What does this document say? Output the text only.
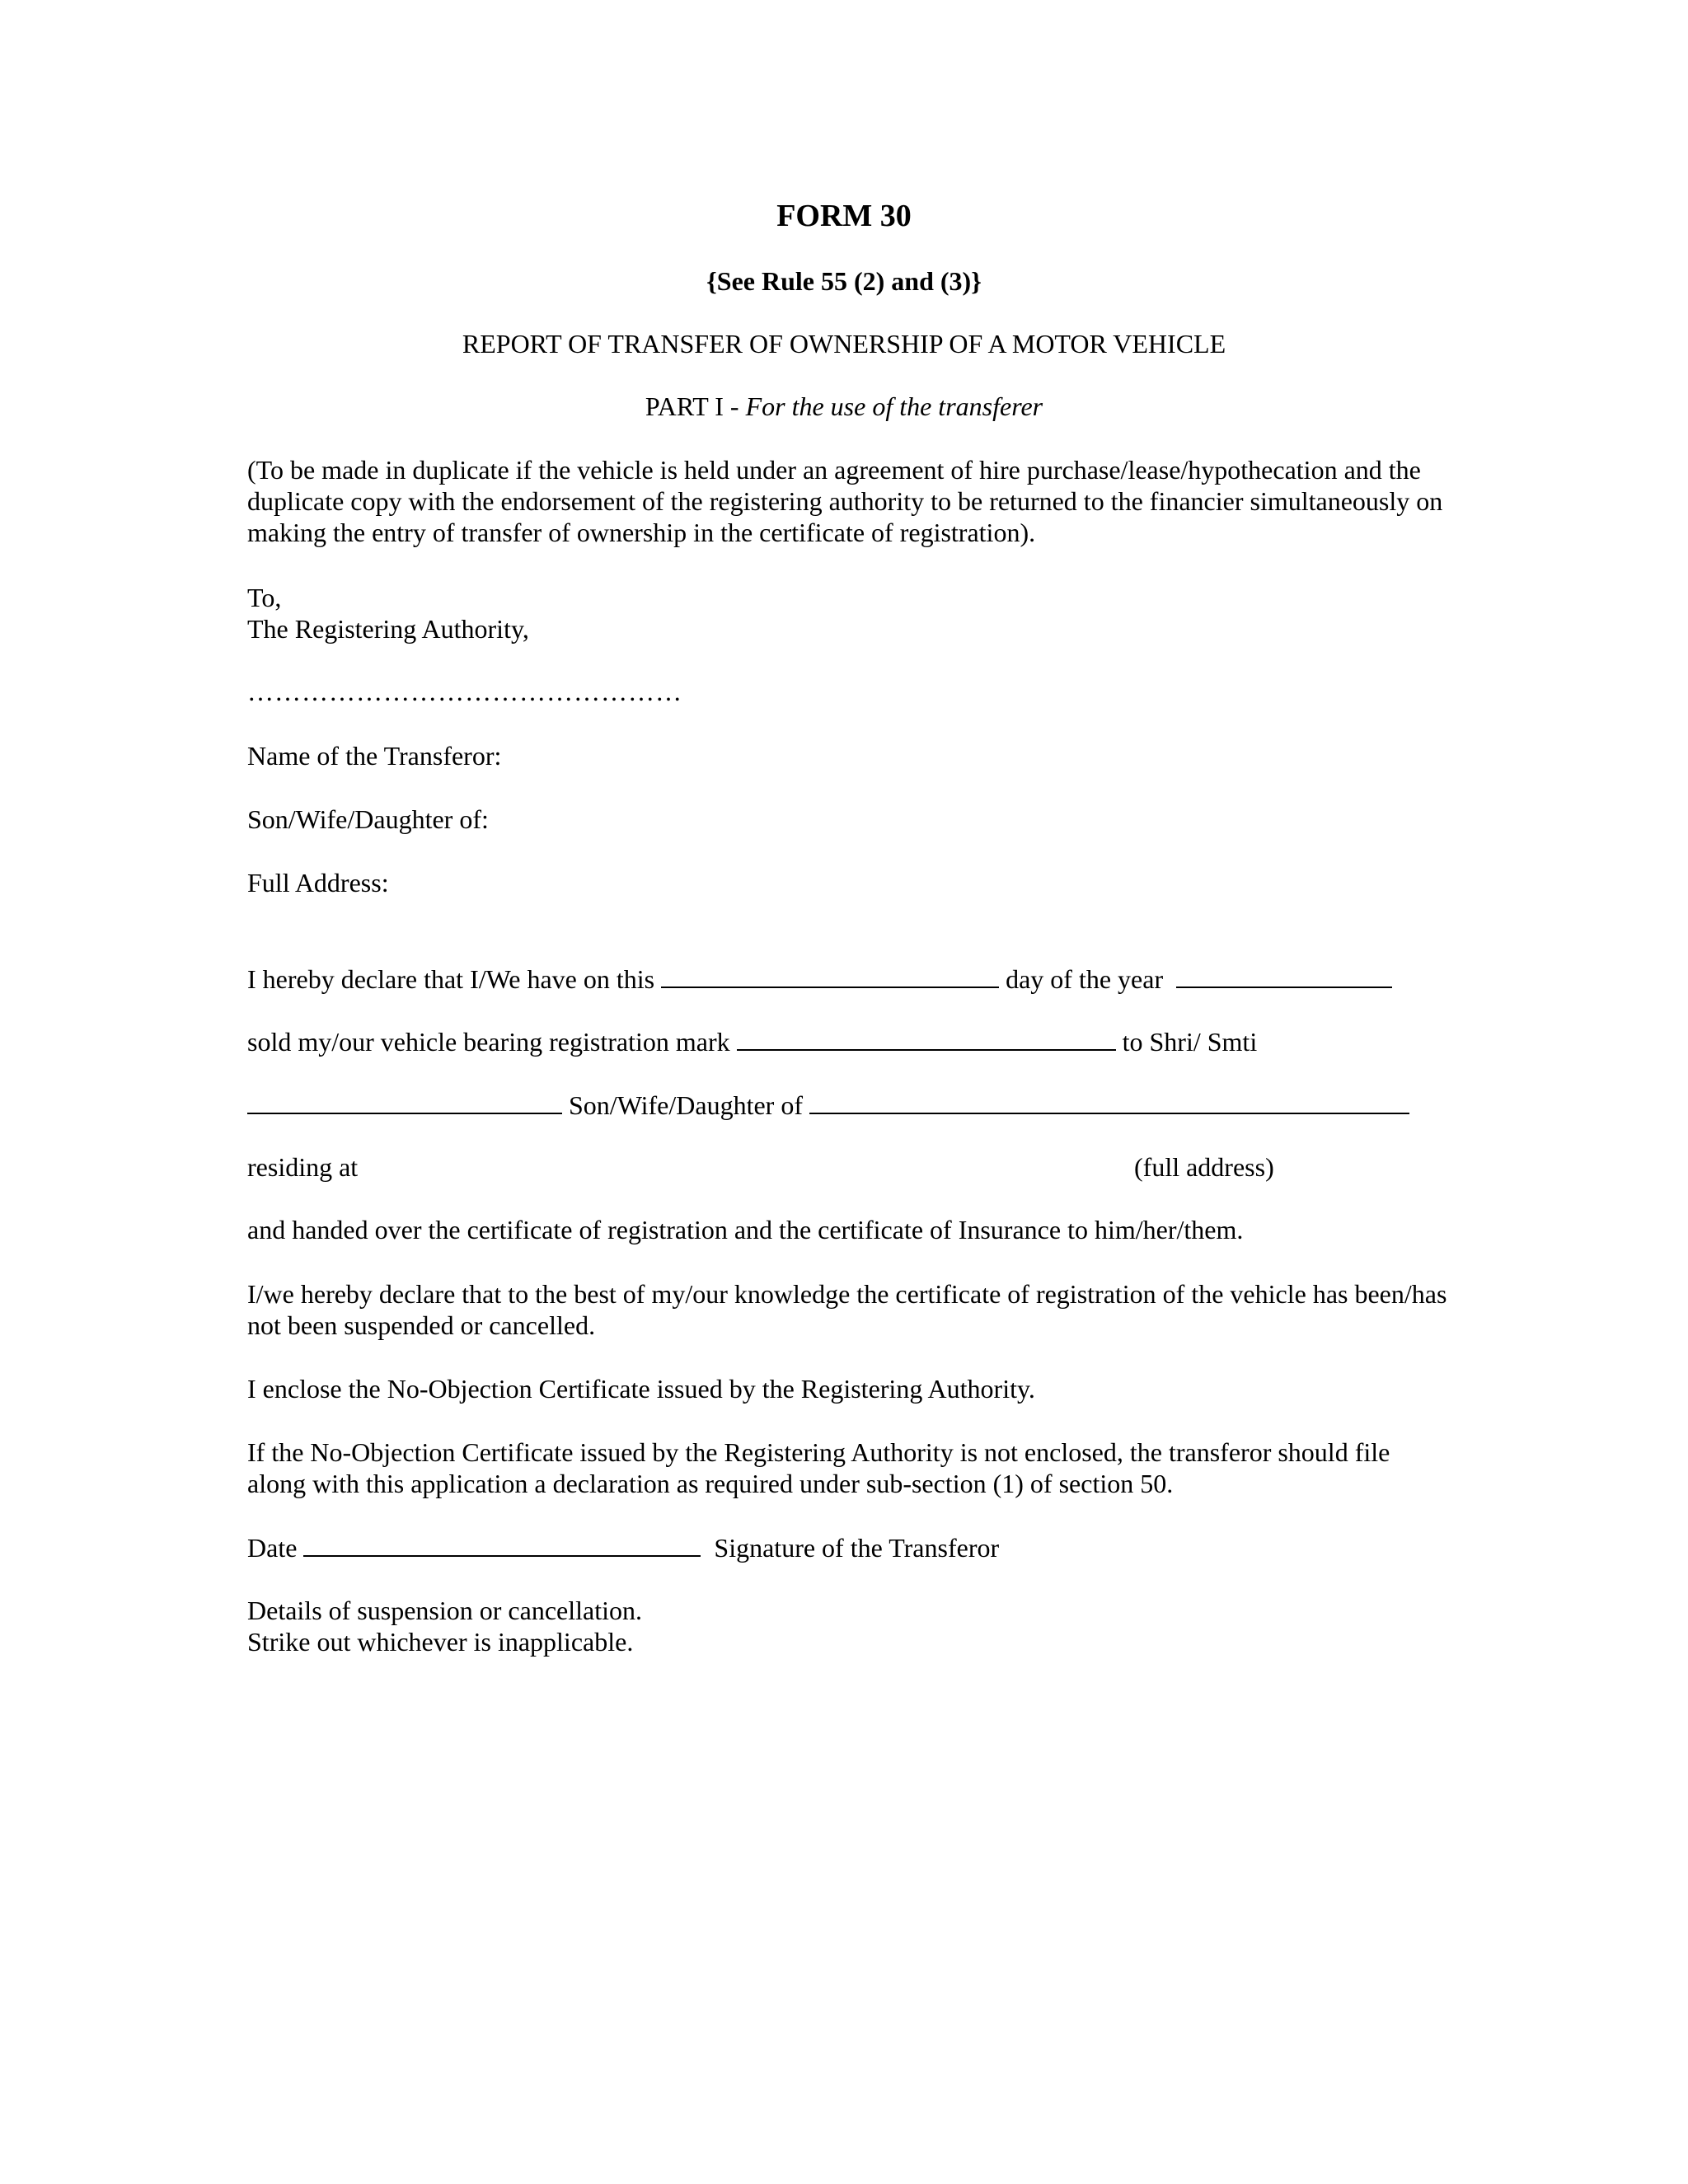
FORM 30
{See Rule 55 (2) and (3)}
REPORT OF TRANSFER OF OWNERSHIP OF A MOTOR VEHICLE
PART I - For the use of the transferer
(To be made in duplicate if the vehicle is held under an agreement of hire purchase/lease/hypothecation and the duplicate copy with the endorsement of the registering authority to be returned to the financier simultaneously on making the entry of transfer of ownership in the certificate of registration).
To,
The Registering Authority,
…………………………………………
Name of the Transferor:
Son/Wife/Daughter of:
Full Address:
I hereby declare that I/We have on this	day of the year
sold my/our vehicle bearing registration mark	to Shri/ Smti
Son/Wife/Daughter of
residing at	(full address)
and handed over the certificate of registration and the certificate of Insurance to him/her/them.
I/we hereby declare that to the best of my/our knowledge the certificate of registration of the vehicle has been/has not been suspended or cancelled.
I enclose the No-Objection Certificate issued by the Registering Authority.
If the No-Objection Certificate issued by the Registering Authority is not enclosed, the transferor should file along with this application a declaration as required under sub-section (1) of section 50.
Date	Signature of the Transferor
Details of suspension or cancellation.
Strike out whichever is inapplicable.
